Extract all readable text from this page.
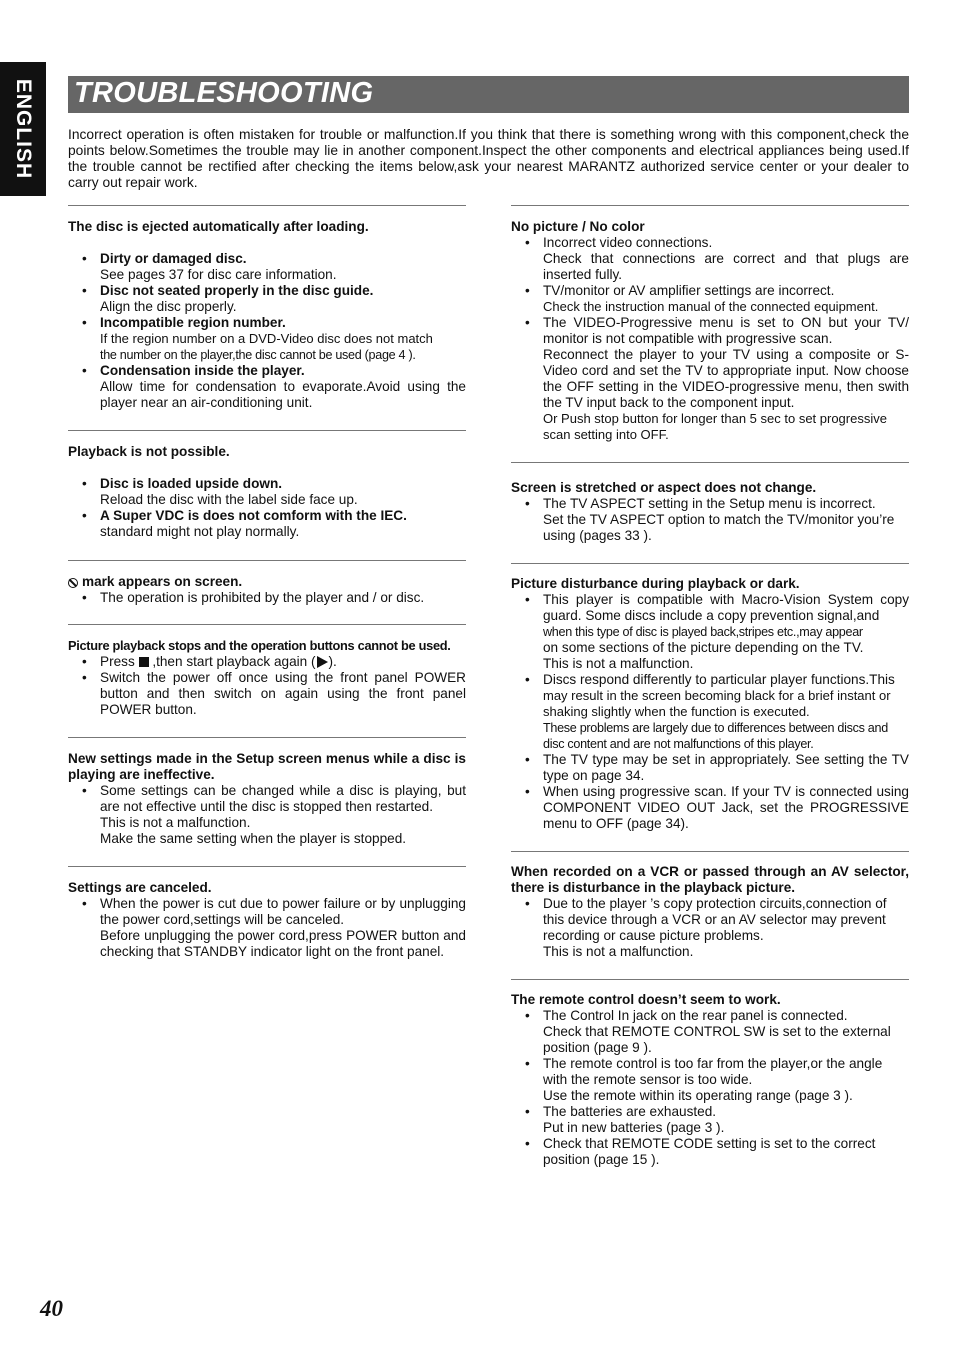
ENGLISH TROUBLESHOOTING

Incorrect operation is often mistaken for trouble or malfunction.If you think that there is something wrong with this component,check the points below.Sometimes the trouble may lie in another component.Inspect the other components and electrical appliances being used.If the trouble cannot be rectified after checking the items below,ask your nearest MARANTZ authorized service center or your dealer to carry out repair work.

The disc is ejected automatically after loading.
• Dirty or damaged disc.
See pages 37 for disc care information.
• Disc not seated properly in the disc guide.
Align the disc properly.
• Incompatible region number.
If the region number on a DVD-Video disc does not match
the number on the player,the disc cannot be used (page 4 ).
• Condensation inside the player.
Allow time for condensation to evaporate.Avoid using the player near an air-conditioning unit.
Playback is not possible.
• Disc is loaded upside down.
Reload the disc with the label side face up.
• A Super VDC is does not comform with the IEC.
standard might not play normally.
mark appears on screen.
• The operation is prohibited by the player and / or disc.
Picture playback stops and the operation buttons cannot be used.
• Press ,then start playback again ( ).
• Switch the power off once using the front panel POWER button and then switch on again using the front panel POWER button.
New settings made in the Setup screen menus while a disc is playing are ineffective.
• Some settings can be changed while a disc is playing, but are not effective until the disc is stopped then restarted.
This is not a malfunction.
Make the same setting when the player is stopped.
Settings are canceled.
• When the power is cut due to power failure or by unplugging the power cord,settings will be canceled.
Before unplugging the power cord,press POWER button and checking that STANDBY indicator light on the front panel.
No picture / No color
• Incorrect video connections.
Check that connections are correct and that plugs are inserted fully.
• TV/monitor or AV amplifier settings are incorrect.
Check the instruction manual of the connected equipment.
• The VIDEO-Progressive menu is set to ON but your TV/ monitor is not compatible with progressive scan.
Reconnect the player to your TV using a composite or S-Video cord and set the TV to appropriate input. Now choose the OFF setting in the VIDEO-progressive menu, then swith the TV input back to the component input.
Or Push stop button for longer than 5 sec to set progressive scan setting into OFF.
Screen is stretched or aspect does not change.
• The TV ASPECT setting in the Setup menu is incorrect.
Set the TV ASPECT option to match the TV/monitor you’re using (pages 33 ).
Picture disturbance during playback or dark.
• This player is compatible with Macro-Vision System copy guard. Some discs include a copy prevention signal,and
when this type of disc is played back,stripes etc.,may appear
on some sections of the picture depending on the TV.
This is not a malfunction.
• Discs respond differently to particular player functions.This
may result in the screen becoming black for a brief instant or shaking slightly when the function is executed.
These problems are largely due to differences between discs and disc content and are not malfunctions of this player.
• The TV type may be set in appropriately. See setting the TV type on page 34.
• When using progressive scan. If your TV is connected using COMPONENT VIDEO OUT Jack, set the PROGRESSIVE menu to OFF (page 34).
When recorded on a VCR or passed through an AV selector, there is disturbance in the playback picture.
• Due to the player ’s copy protection circuits,connection of this device through a VCR or an AV selector may prevent recording or cause picture problems.
This is not a malfunction.
The remote control doesn’t seem to work.
• The Control In jack on the rear panel is connected.
Check that REMOTE CONTROL SW is set to the external position (page 9 ).
• The remote control is too far from the player,or the angle with the remote sensor is too wide.
Use the remote within its operating range (page 3 ).
• The batteries are exhausted.
Put in new batteries (page 3 ).
• Check that REMOTE CODE setting is set to the correct position (page 15 ).
40
